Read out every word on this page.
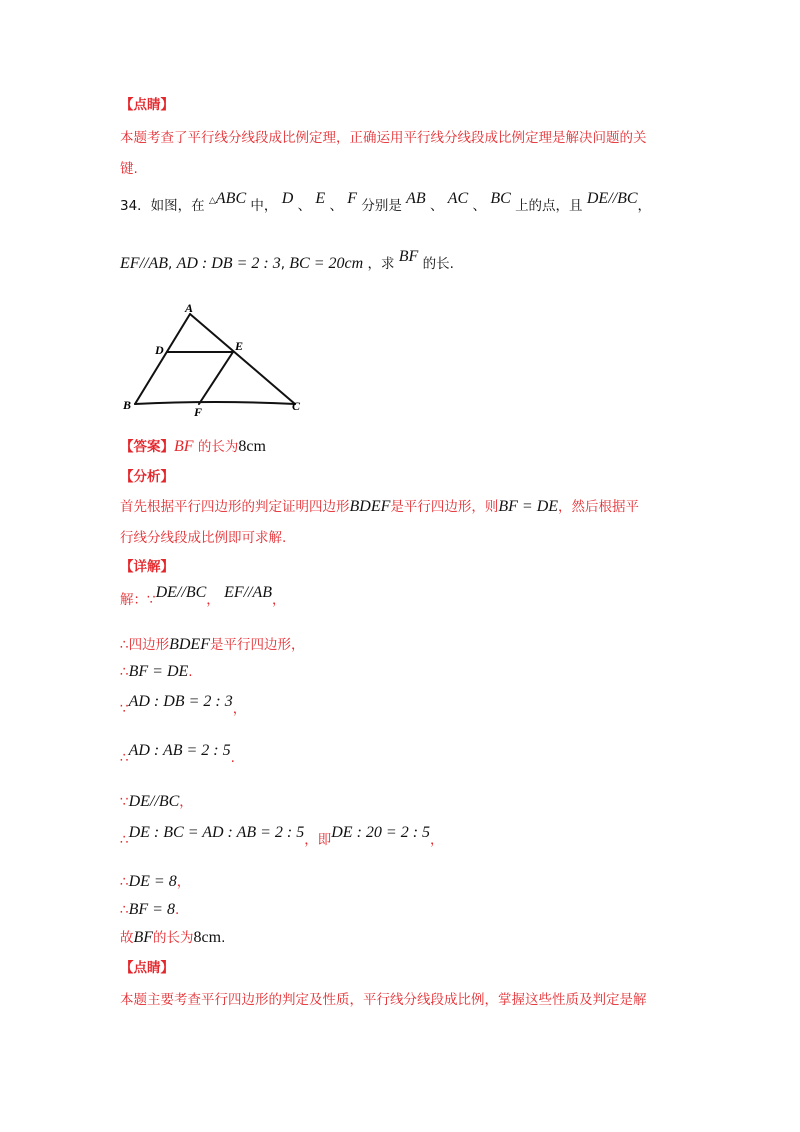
【点睛】
本题考查了平行线分线段成比例定理，正确运用平行线分线段成比例定理是解决问题的关
键.
34．如图，在 △ABC 中， D 、 E 、 F 分别是 AB 、 AC 、 BC 上的点，且 DE//BC，
EF//AB, AD : DB = 2 : 3, BC = 20cm ，求 BF 的长.
A
D	E
B	F	C
【答案】BF 的长为8cm
【分析】
首先根据平行四边形的判定证明四边形BDEF是平行四边形，则BF = DE，然后根据平
行线分线段成比例即可求解.
【详解】
解：∵DE//BC， EF//AB，
∴四边形BDEF是平行四边形，
∴BF = DE.
∵AD : DB = 2 : 3，
∴AD : AB = 2 : 5.
∵DE//BC，
∴DE : BC = AD : AB = 2 : 5，即DE : 20 = 2 : 5，
∴DE = 8，
∴BF = 8.
故BF的长为8cm.
【点睛】
本题主要考查平行四边形的判定及性质，平行线分线段成比例，掌握这些性质及判定是解
